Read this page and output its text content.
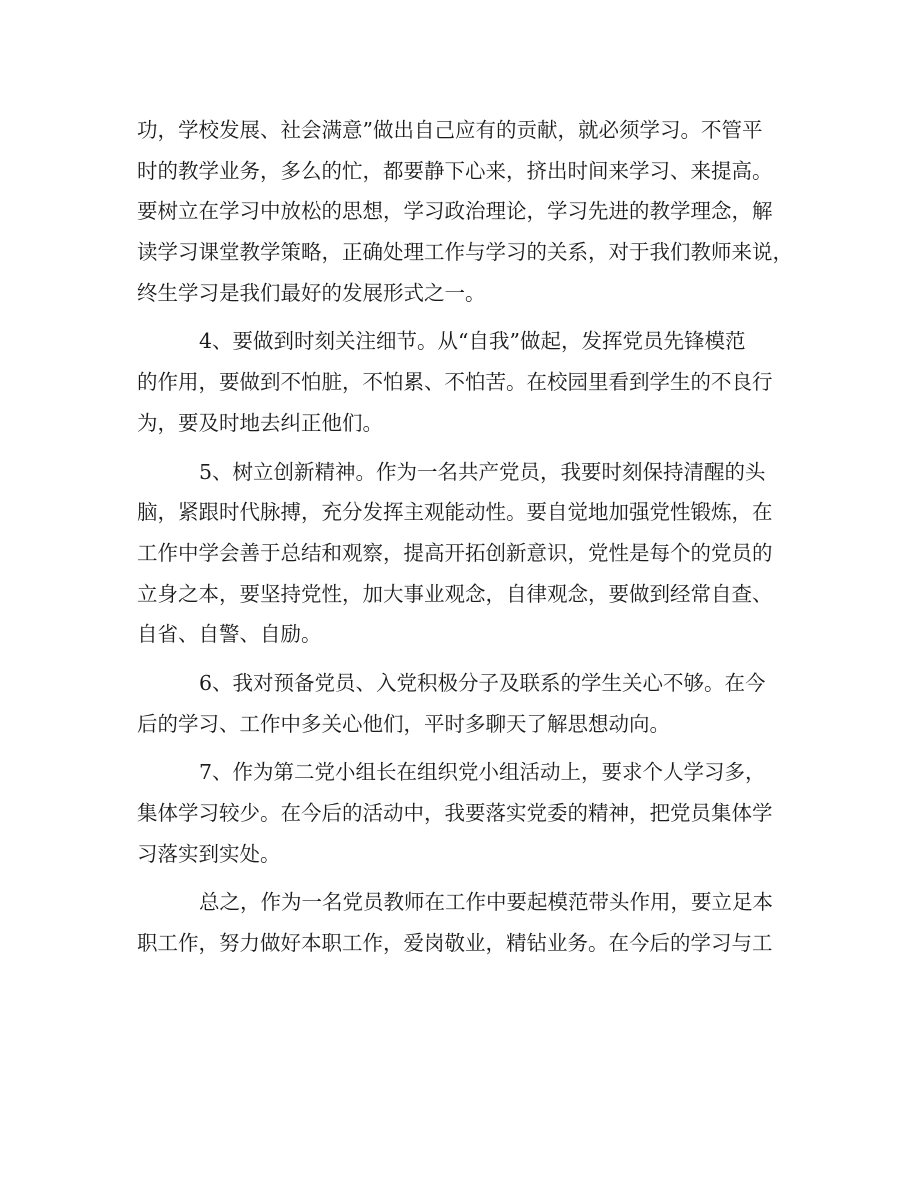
功，学校发展、社会满意”做出自己应有的贡献，就必须学习。不管平
时的教学业务，多么的忙，都要静下心来，挤出时间来学习、来提高。
要树立在学习中放松的思想，学习政治理论，学习先进的教学理念，解
读学习课堂教学策略，正确处理工作与学习的关系，对于我们教师来说，
终生学习是我们最好的发展形式之一。
4、要做到时刻关注细节。从“自我”做起，发挥党员先锋模范
的作用，要做到不怕脏，不怕累、不怕苦。在校园里看到学生的不良行
为，要及时地去纠正他们。
5、树立创新精神。作为一名共产党员，我要时刻保持清醒的头
脑，紧跟时代脉搏，充分发挥主观能动性。要自觉地加强党性锻炼，在
工作中学会善于总结和观察，提高开拓创新意识，党性是每个的党员的
立身之本，要坚持党性，加大事业观念，自律观念，要做到经常自查、
自省、自警、自励。
6、我对预备党员、入党积极分子及联系的学生关心不够。在今
后的学习、工作中多关心他们，平时多聊天了解思想动向。
7、作为第二党小组长在组织党小组活动上，要求个人学习多，
集体学习较少。在今后的活动中，我要落实党委的精神，把党员集体学
习落实到实处。
总之，作为一名党员教师在工作中要起模范带头作用，要立足本
职工作，努力做好本职工作，爱岗敬业，精钻业务。在今后的学习与工
